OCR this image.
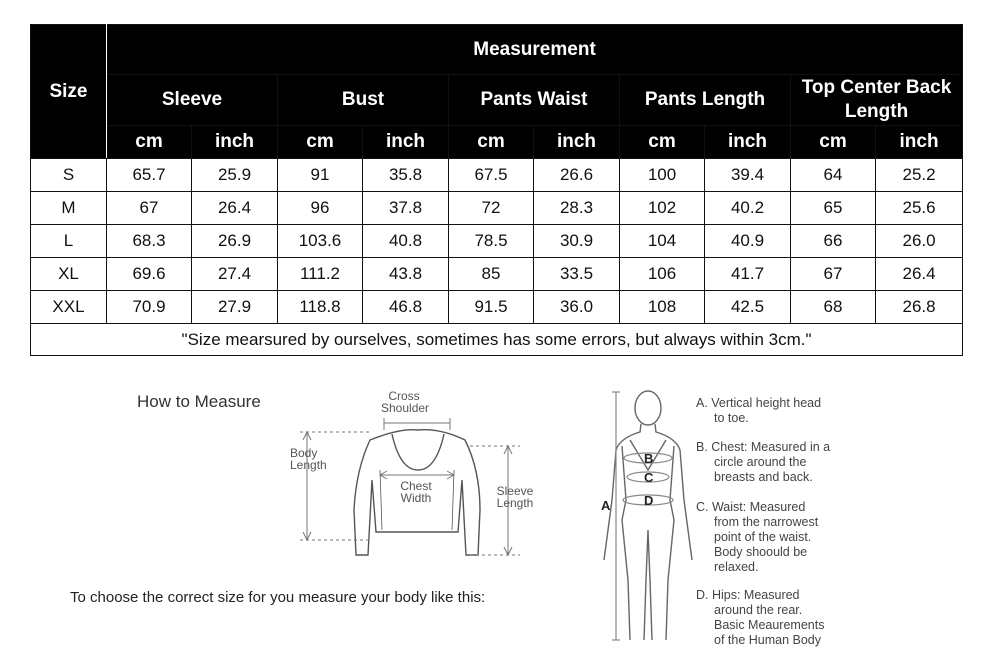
Size	Measurement									
	Sleeve		Bust		Pants Waist		Pants Length		Top Center Back Length	
	cm	inch	cm	inch	cm	inch	cm	inch	cm	inch
S	65.7	25.9	91	35.8	67.5	26.6	100	39.4	64	25.2
M	67	26.4	96	37.8	72	28.3	102	40.2	65	25.6
L	68.3	26.9	103.6	40.8	78.5	30.9	104	40.9	66	26.0
XL	69.6	27.4	111.2	43.8	85	33.5	106	41.7	67	26.4
XXL	70.9	27.9	118.8	46.8	91.5	36.0	108	42.5	68	26.8
"Size mearsured by ourselves, sometimes has some errors, but always within 3cm."										
How to Measure
A
B
C
D
Cross
Shoulder
Body
Length
Chest
Width	Sleeve
Length
A. Vertical height head
to toe.
B. Chest: Measured in a
circle around the
breasts and back.
C. Waist: Measured
from the narrowest
point of the waist.
Body shoould be
relaxed.
D. Hips: Measured
around the rear.
Basic Meaurements
of the Human Body
To choose the correct size for you measure your body like this:
